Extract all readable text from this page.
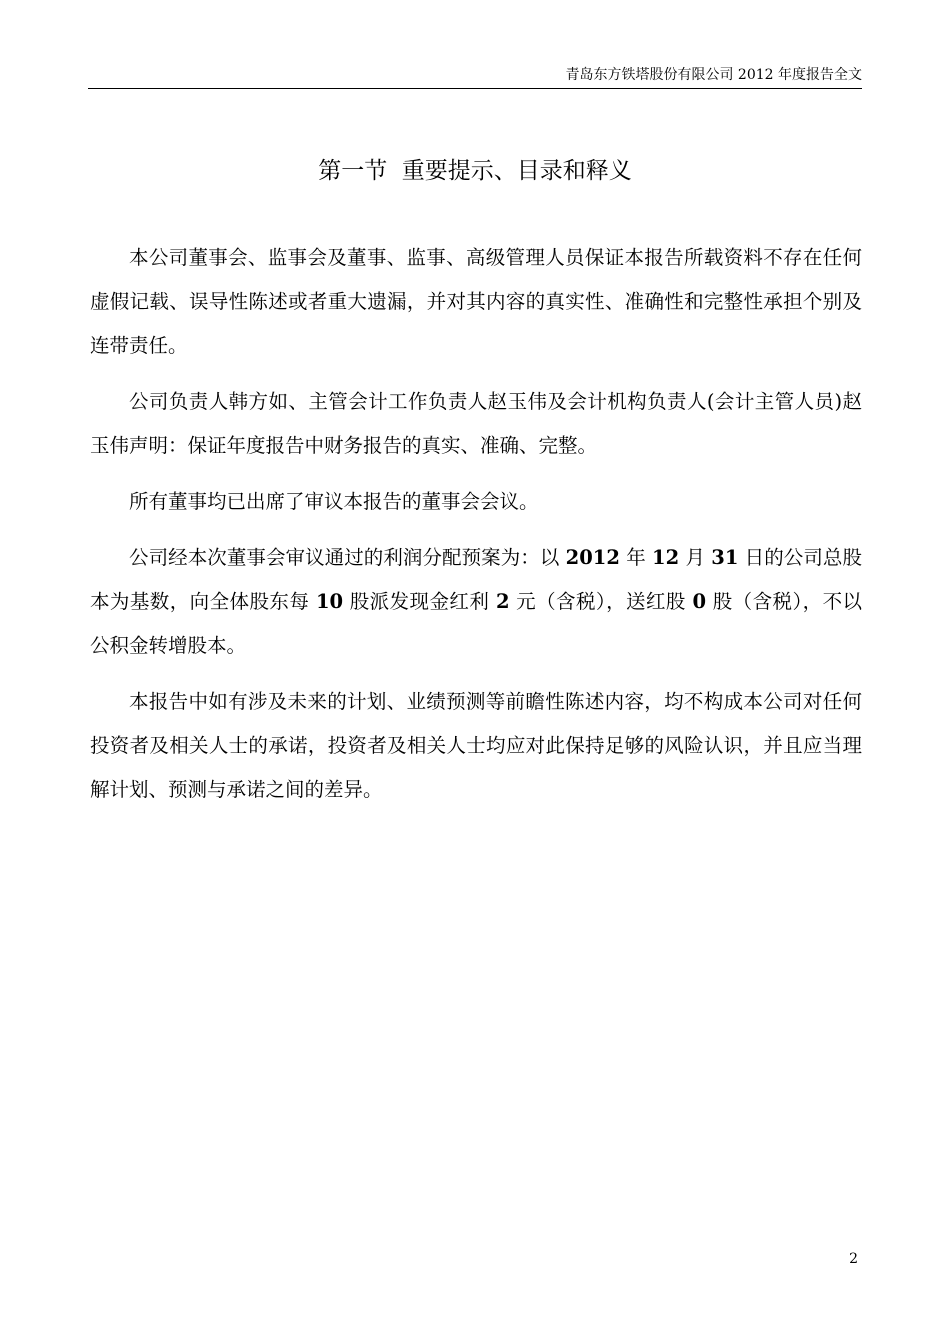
青岛东方铁塔股份有限公司 2012 年度报告全文
第一节  重要提示、目录和释义

本公司董事会、监事会及董事、监事、高级管理人员保证本报告所载资料不存在任何虚假记载、误导性陈述或者重大遗漏，并对其内容的真实性、准确性和完整性承担个别及连带责任。

公司负责人韩方如、主管会计工作负责人赵玉伟及会计机构负责人(会计主管人员)赵玉伟声明：保证年度报告中财务报告的真实、准确、完整。

所有董事均已出席了审议本报告的董事会会议。

公司经本次董事会审议通过的利润分配预案为：以 2012 年 12 月 31 日的公司总股本为基数，向全体股东每 10 股派发现金红利 2 元（含税），送红股 0 股（含税），不以公积金转增股本。

本报告中如有涉及未来的计划、业绩预测等前瞻性陈述内容，均不构成本公司对任何投资者及相关人士的承诺，投资者及相关人士均应对此保持足够的风险认识，并且应当理解计划、预测与承诺之间的差异。

2
